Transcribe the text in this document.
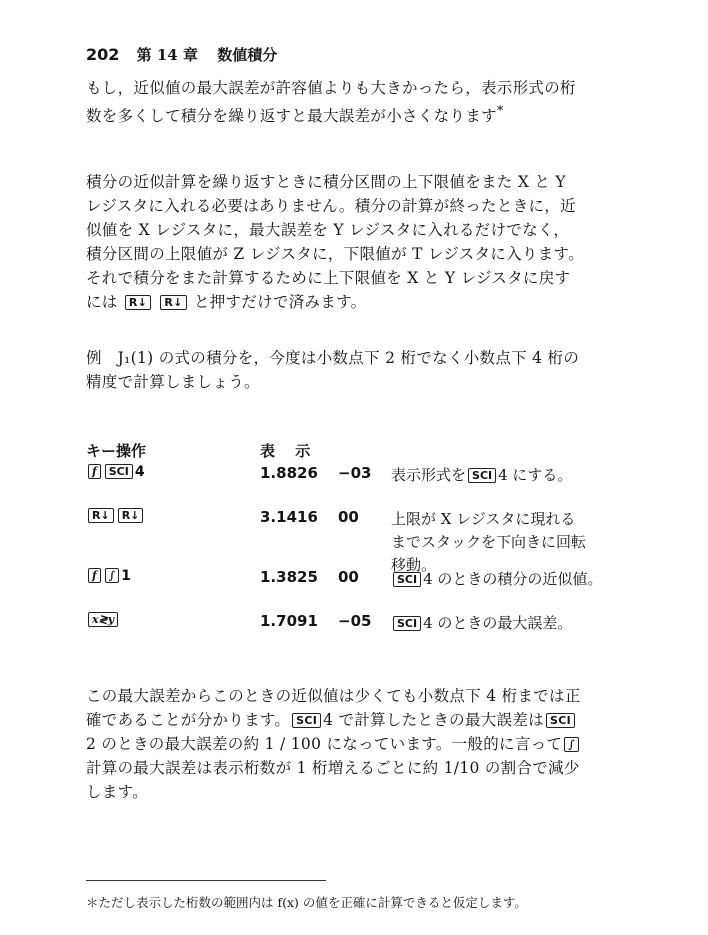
202 第 14 章 数値積分
もし，近似値の最大誤差が許容値よりも大きかったら，表示形式の桁
数を多くして積分を繰り返すと最大誤差が小さくなります*
積分の近似計算を繰り返すときに積分区間の上下限値をまた X と Y
レジスタに入れる必要はありません。積分の計算が終ったときに，近
似値を X レジスタに，最大誤差を Y レジスタに入れるだけでなく，
積分区間の上限値が Z レジスタに，下限値が T レジスタに入ります。
それで積分をまた計算するために上下限値を X と Y レジスタに戻す
には R↓ R↓ と押すだけで済みます。
例　J₁(1) の式の積分を，今度は小数点下 2 桁でなく小数点下 4 桁の
精度で計算しましょう。
キー操作	表　 示
f SCI 4	1.8826 −03 表示形式を SCI 4 にする。
R↓ R↓	3.1416 00 上限が X レジスタに現れる
までスタックを下向きに回転
移動。
f ∫ 1	1.3825 00	SCI 4 のときの積分の近似値。
x≷y	1.7091 −05	SCI 4 のときの最大誤差。
この最大誤差からこのときの近似値は少くても小数点下 4 桁までは正
確であることが分かります。 SCI 4 で計算したときの最大誤差は SCI
2 のときの最大誤差の約 1 / 100 になっています。一般的に言って ∫
計算の最大誤差は表示桁数が 1 桁増えるごとに約 1/10 の割合で減少
します。
＊ただし表示した桁数の範囲内は f(x) の値を正確に計算できると仮定します。
